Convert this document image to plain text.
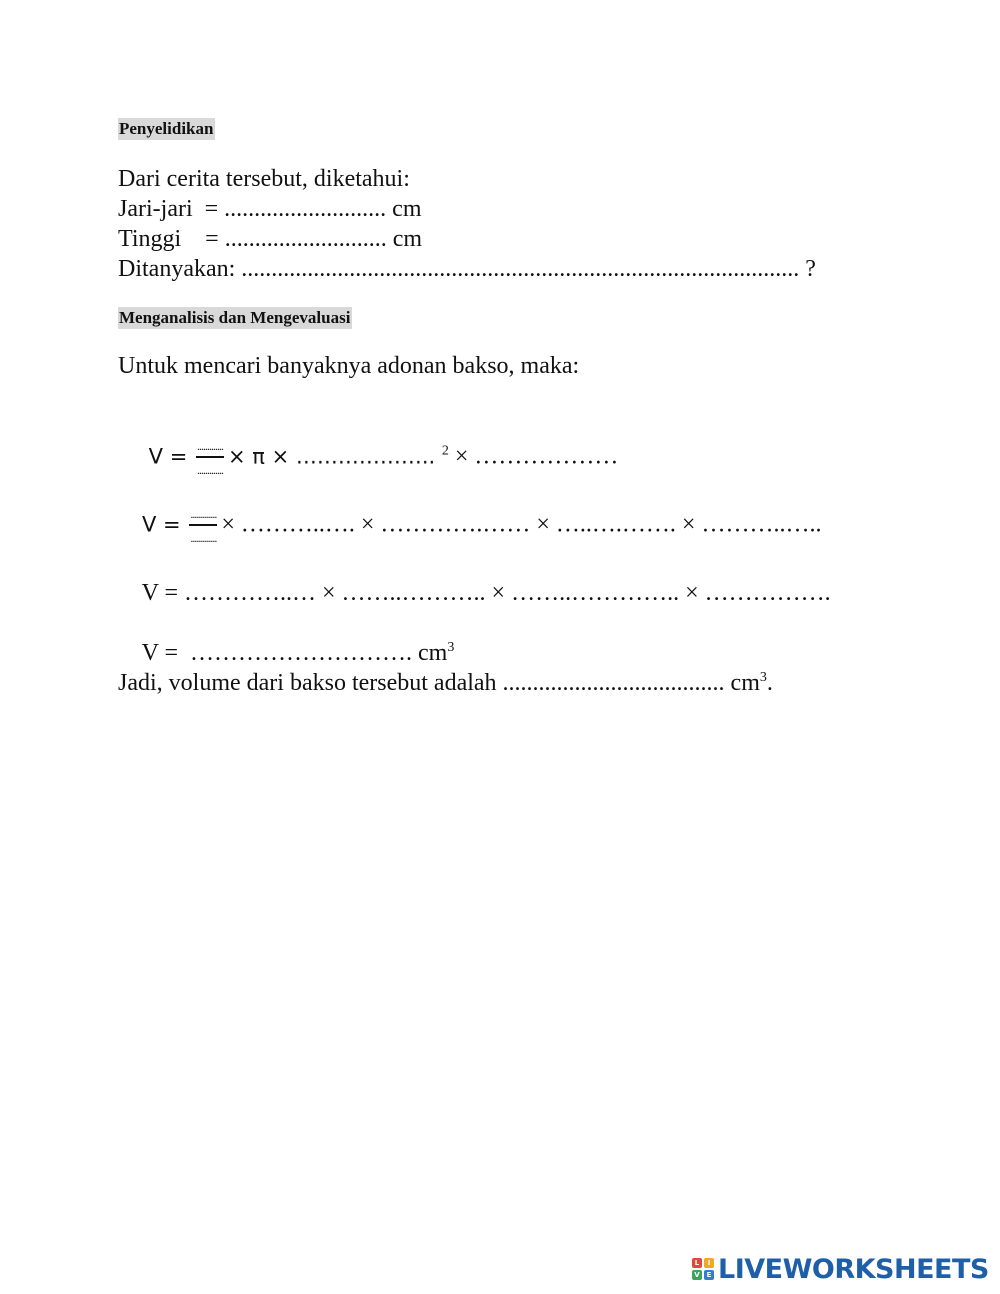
Penyelidikan
Dari cerita tersebut, diketahui:
Jari-jari  = ........................... cm
Tinggi    = ........................... cm
Ditanyakan: ............................................................................................. ?
Menganalisis dan Mengevaluasi
Untuk mencari banyaknya adonan bakso, maka:

$V = \frac{.............}{.............} \times \pi$ × ……………….. $^2$ × ………………

$V = \frac{.............}{.............}$ × ………..…. × ………….…… × …..….……. × ………..…..

V = …………..… × ……..……….. × ……..………….. × …………….

V =  ………………………. $cm^3$

Jadi, volume dari bakso tersebut adalah ..................................... $cm^3$.
L	I
V E LIVEWORKSHEETS
